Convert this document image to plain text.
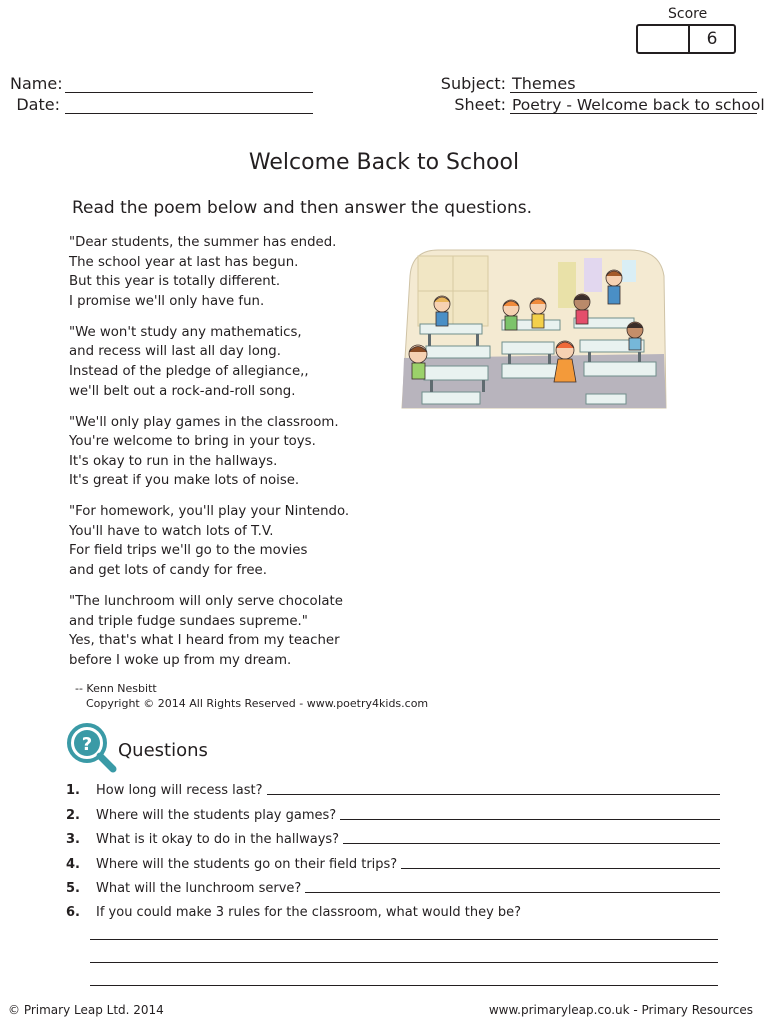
Score
6
Name:
Date:
Subject: Themes
Sheet: Poetry - Welcome back to school
Welcome Back to School
Read the poem below and then answer the questions.
"Dear students, the summer has ended.
The school year at last has begun.
But this year is totally different.
I promise we'll only have fun.
"We won't study any mathematics,
and recess will last all day long.
Instead of the pledge of allegiance,,
we'll belt out a rock-and-roll song.
"We'll only play games in the classroom.
You're welcome to bring in your toys.
It's okay to run in the hallways.
It's great if you make lots of noise.
"For homework, you'll play your Nintendo.
You'll have to watch lots of T.V.
For field trips we'll go to the movies
and get lots of candy for free.
"The lunchroom will only serve chocolate
and triple fudge sundaes supreme."
Yes, that's what I heard from my teacher
before I woke up from my dream.
-- Kenn Nesbitt
Copyright © 2014 All Rights Reserved - www.poetry4kids.com
? Questions
1.	How long will recess last?
2.	Where will the students play games?
3.	What is it okay to do in the hallways?
4.	Where will the students go on their field trips?
5.	What will the lunchroom serve?
6.	If you could make 3 rules for the classroom, what would they be?
© Primary Leap Ltd. 2014	www.primaryleap.co.uk - Primary Resources
